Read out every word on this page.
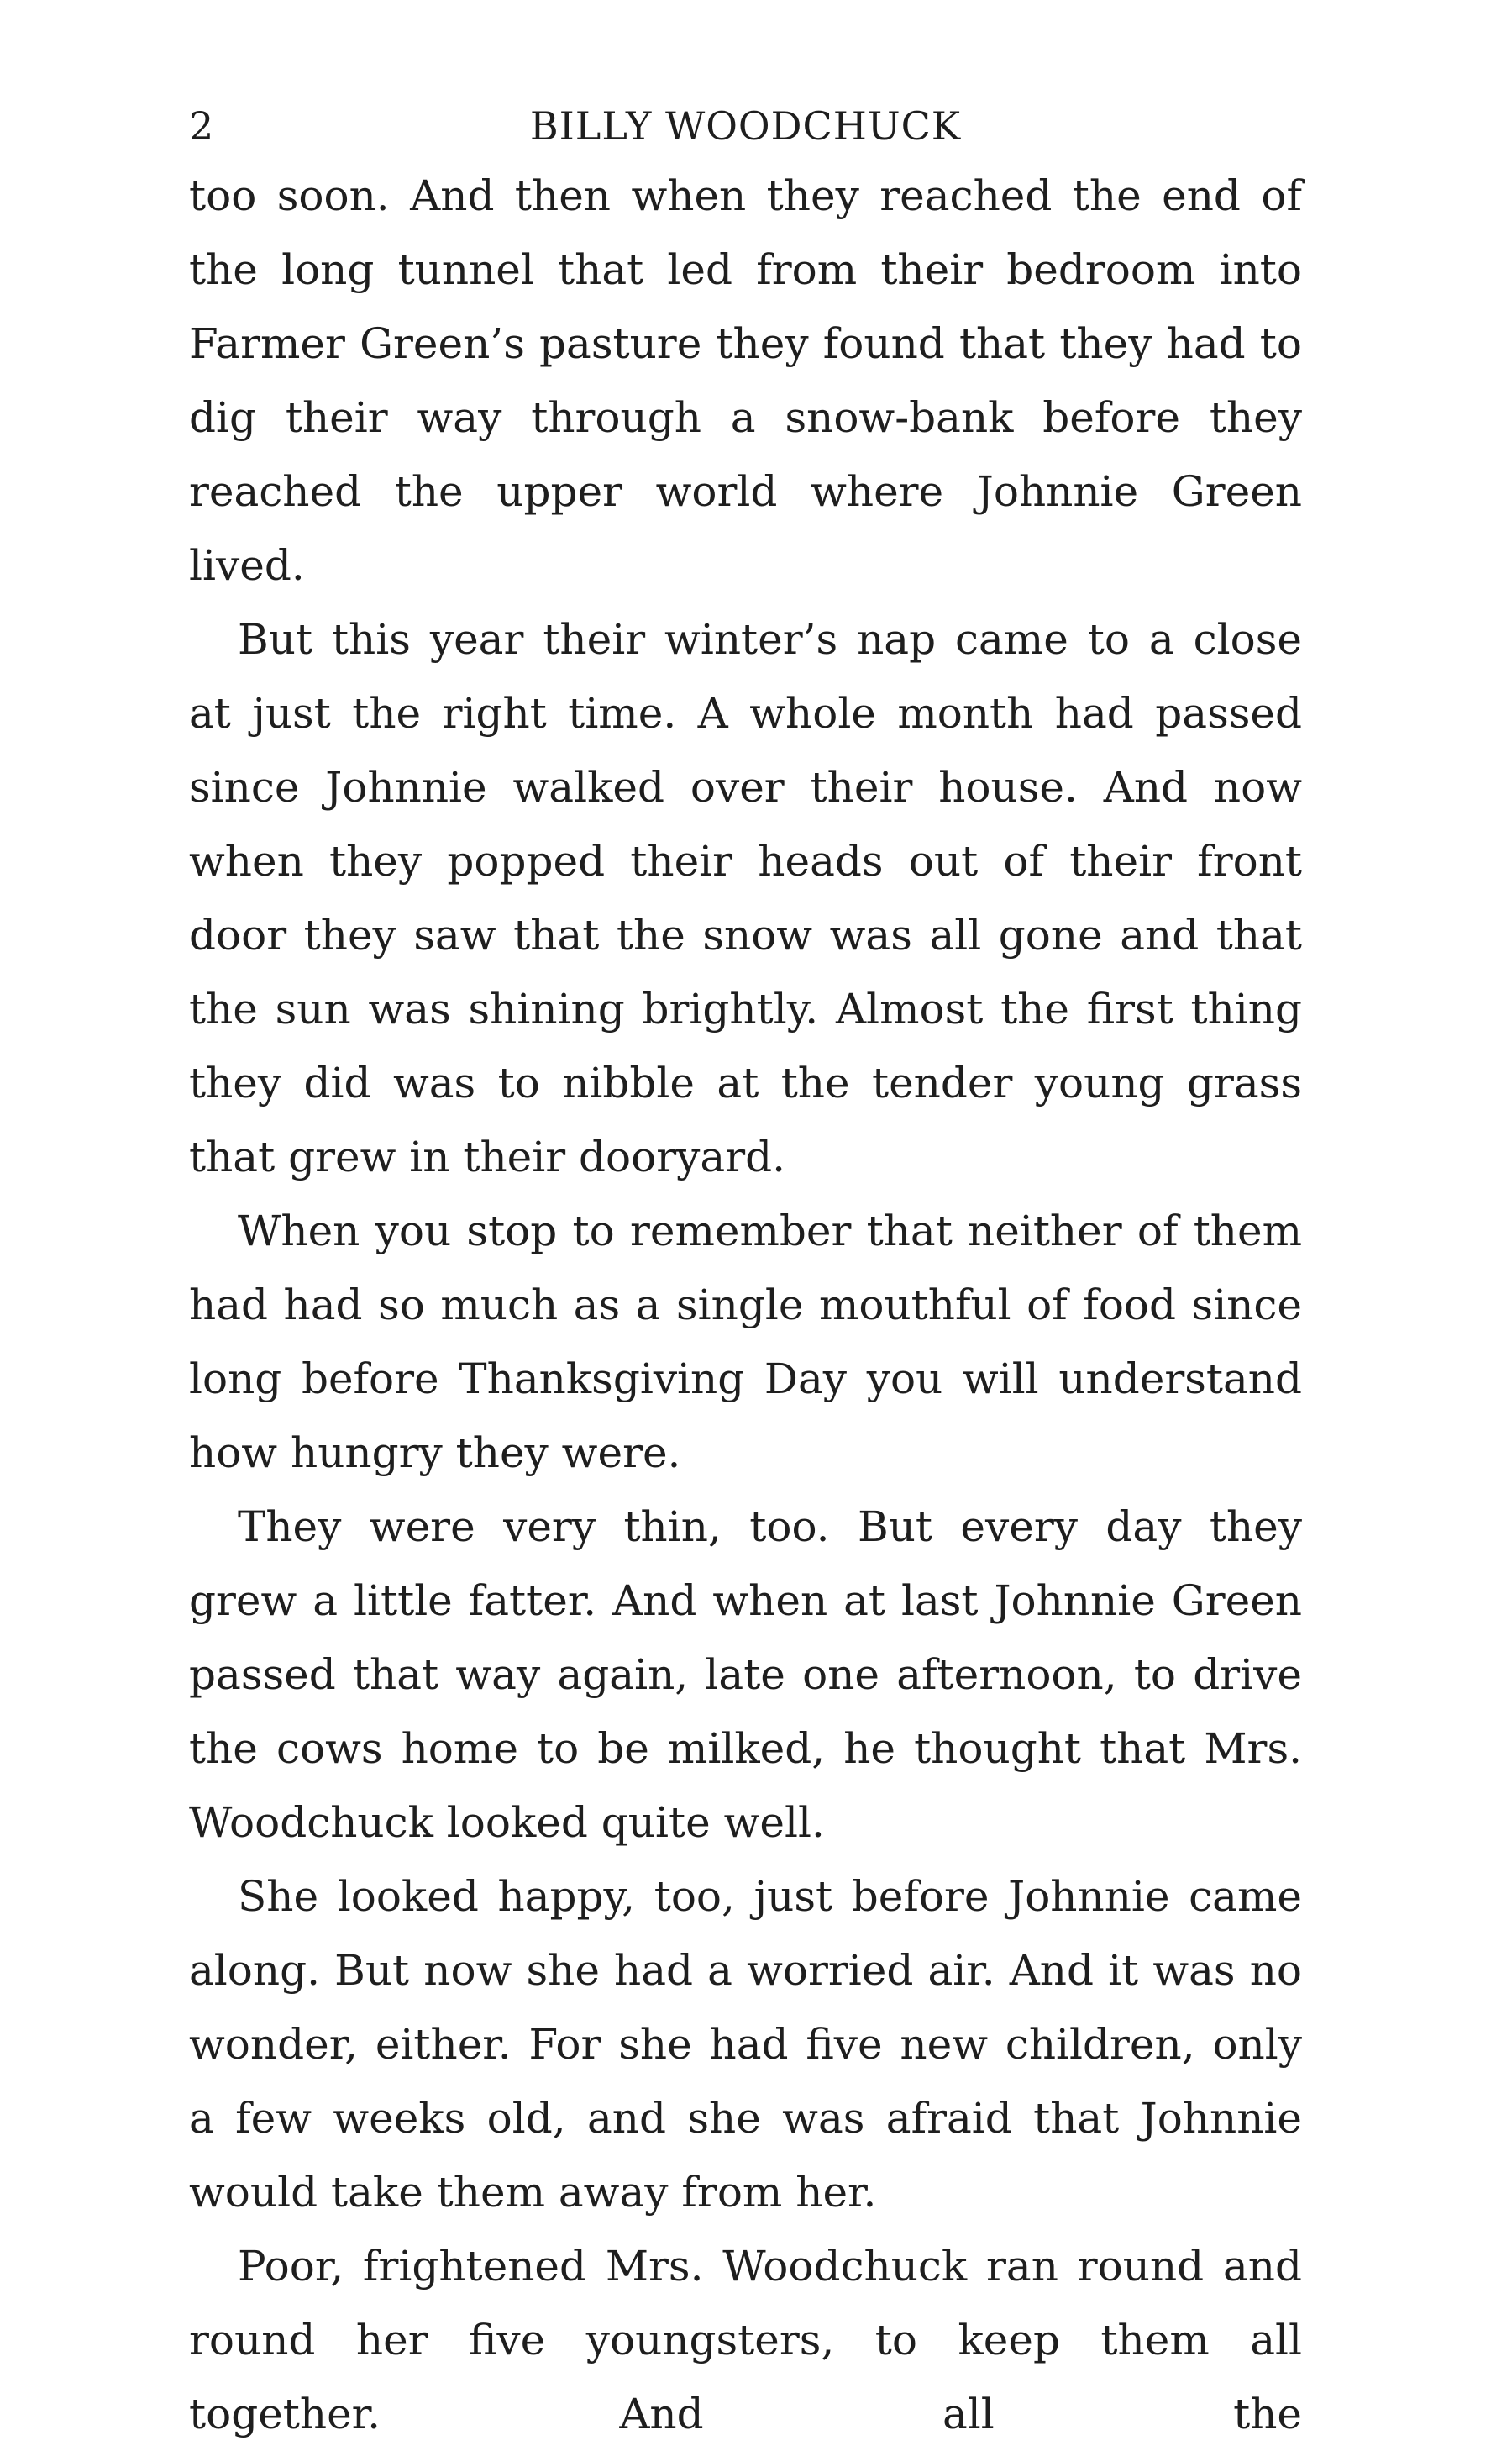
2	BILLY WOODCHUCK

too soon. And then when they reached the end of the long tunnel that led from their bedroom into Farmer Green’s pasture they found that they had to dig their way through a snow-bank before they reached the upper world where Johnnie Green lived.

But this year their winter’s nap came to a close at just the right time. A whole month had passed since Johnnie walked over their house. And now when they popped their heads out of their front door they saw that the snow was all gone and that the sun was shining brightly. Almost the first thing they did was to nibble at the tender young grass that grew in their dooryard.

When you stop to remember that neither of them had had so much as a single mouthful of food since long before Thanksgiving Day you will understand how hungry they were.

They were very thin, too. But every day they grew a little fatter. And when at last Johnnie Green passed that way again, late one afternoon, to drive the cows home to be milked, he thought that Mrs. Woodchuck looked quite well.

She looked happy, too, just before Johnnie came along. But now she had a worried air. And it was no wonder, either. For she had five new children, only a few weeks old, and she was afraid that Johnnie would take them away from her.

Poor, frightened Mrs. Woodchuck ran round and round her five youngsters, to keep them all together. And all the
